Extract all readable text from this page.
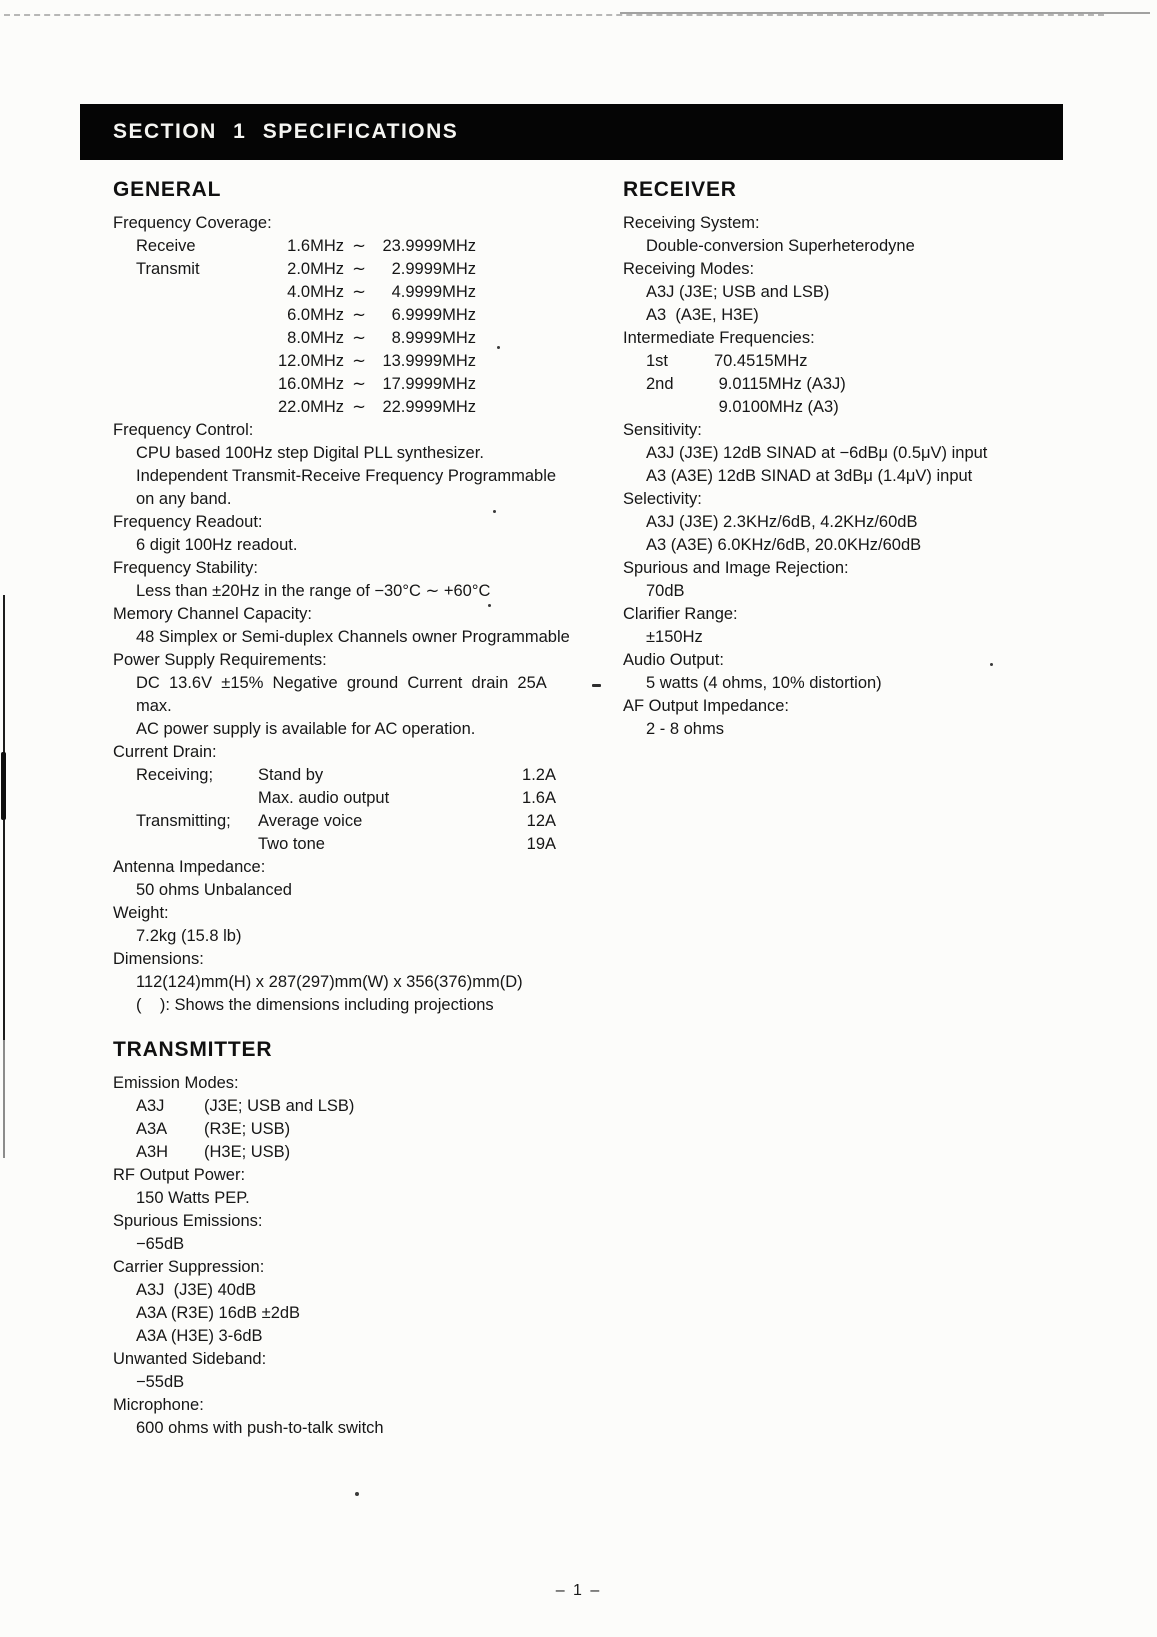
SECTION 1 SPECIFICATIONS
GENERAL
Frequency Coverage:
Receive	1.6MHz ∼ 23.9999MHz
Transmit	2.0MHz ∼ 2.9999MHz
4.0MHz ∼ 4.9999MHz
6.0MHz ∼ 6.9999MHz
8.0MHz ∼ 8.9999MHz
12.0MHz ∼ 13.9999MHz
16.0MHz ∼ 17.9999MHz
22.0MHz ∼ 22.9999MHz
Frequency Control:
CPU based 100Hz step Digital PLL synthesizer.
Independent Transmit-Receive Frequency Programmable
on any band.
Frequency Readout:
6 digit 100Hz readout.
Frequency Stability:
Less than ±20Hz in the range of −30°C ∼ +60°C
Memory Channel Capacity:
48 Simplex or Semi-duplex Channels owner Programmable
Power Supply Requirements:
DC  13.6V  ±15%  Negative  ground  Current  drain  25A
max.
AC power supply is available for AC operation.
Current Drain:
Receiving;	Stand by	1.2A
Max. audio output	1.6A
Transmitting;	Average voice	12A
Two tone	19A
Antenna Impedance:
50 ohms Unbalanced
Weight:
7.2kg (15.8 lb)
Dimensions:
112(124)mm(H) x 287(297)mm(W) x 356(376)mm(D)
(    ): Shows the dimensions including projections
TRANSMITTER
Emission Modes:
A3J (J3E; USB and LSB)
A3A (R3E; USB)
A3H (H3E; USB)
RF Output Power:
150 Watts PEP.
Spurious Emissions:
−65dB
Carrier Suppression:
A3J  (J3E) 40dB
A3A (R3E) 16dB ±2dB
A3A (H3E) 3-6dB
Unwanted Sideband:
−55dB
Microphone:
600 ohms with push-to-talk switch
RECEIVER
Receiving System:
Double-conversion Superheterodyne
Receiving Modes:
A3J (J3E; USB and LSB)
A3  (A3E, H3E)
Intermediate Frequencies:
1st	70.4515MHz
2nd 9.0115MHz (A3J)
9.0100MHz (A3)
Sensitivity:
A3J (J3E) 12dB SINAD at −6dBμ (0.5μV) input
A3 (A3E) 12dB SINAD at 3dBμ (1.4μV) input
Selectivity:
A3J (J3E) 2.3KHz/6dB, 4.2KHz/60dB
A3 (A3E) 6.0KHz/6dB, 20.0KHz/60dB
Spurious and Image Rejection:
70dB
Clarifier Range:
±150Hz
Audio Output:
5 watts (4 ohms, 10% distortion)
AF Output Impedance:
2 - 8 ohms
– 1 –
